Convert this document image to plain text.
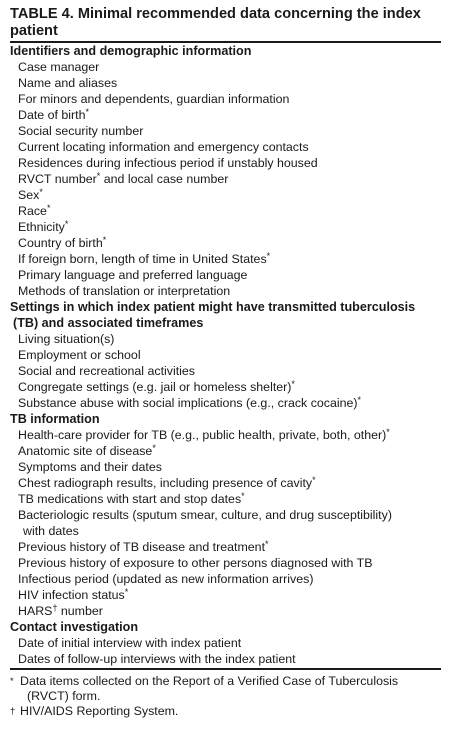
TABLE 4. Minimal recommended data concerning the index
patient
Identifiers and demographic information
Case manager
Name and aliases
For minors and dependents, guardian information
Date of birth*
Social security number
Current locating information and emergency contacts
Residences during infectious period if unstably housed
RVCT number* and local case number
Sex*
Race*
Ethnicity*
Country of birth*
If foreign born, length of time in United States*
Primary language and preferred language
Methods of translation or interpretation
Settings in which index patient might have transmitted tuberculosis
(TB) and associated timeframes
Living situation(s)
Employment or school
Social and recreational activities
Congregate settings (e.g. jail or homeless shelter)*
Substance abuse with social implications (e.g., crack cocaine)*
TB information
Health-care provider for TB (e.g., public health, private, both, other)*
Anatomic site of disease*
Symptoms and their dates
Chest radiograph results, including presence of cavity*
TB medications with start and stop dates*
Bacteriologic results (sputum smear, culture, and drug susceptibility)
with dates
Previous history of TB disease and treatment*
Previous history of exposure to other persons diagnosed with TB
Infectious period (updated as new information arrives)
HIV infection status*
HARS† number
Contact investigation
Date of initial interview with index patient
Dates of follow-up interviews with the index patient
* Data items collected on the Report of a Verified Case of Tuberculosis
(RVCT) form.
† HIV/AIDS Reporting System.
